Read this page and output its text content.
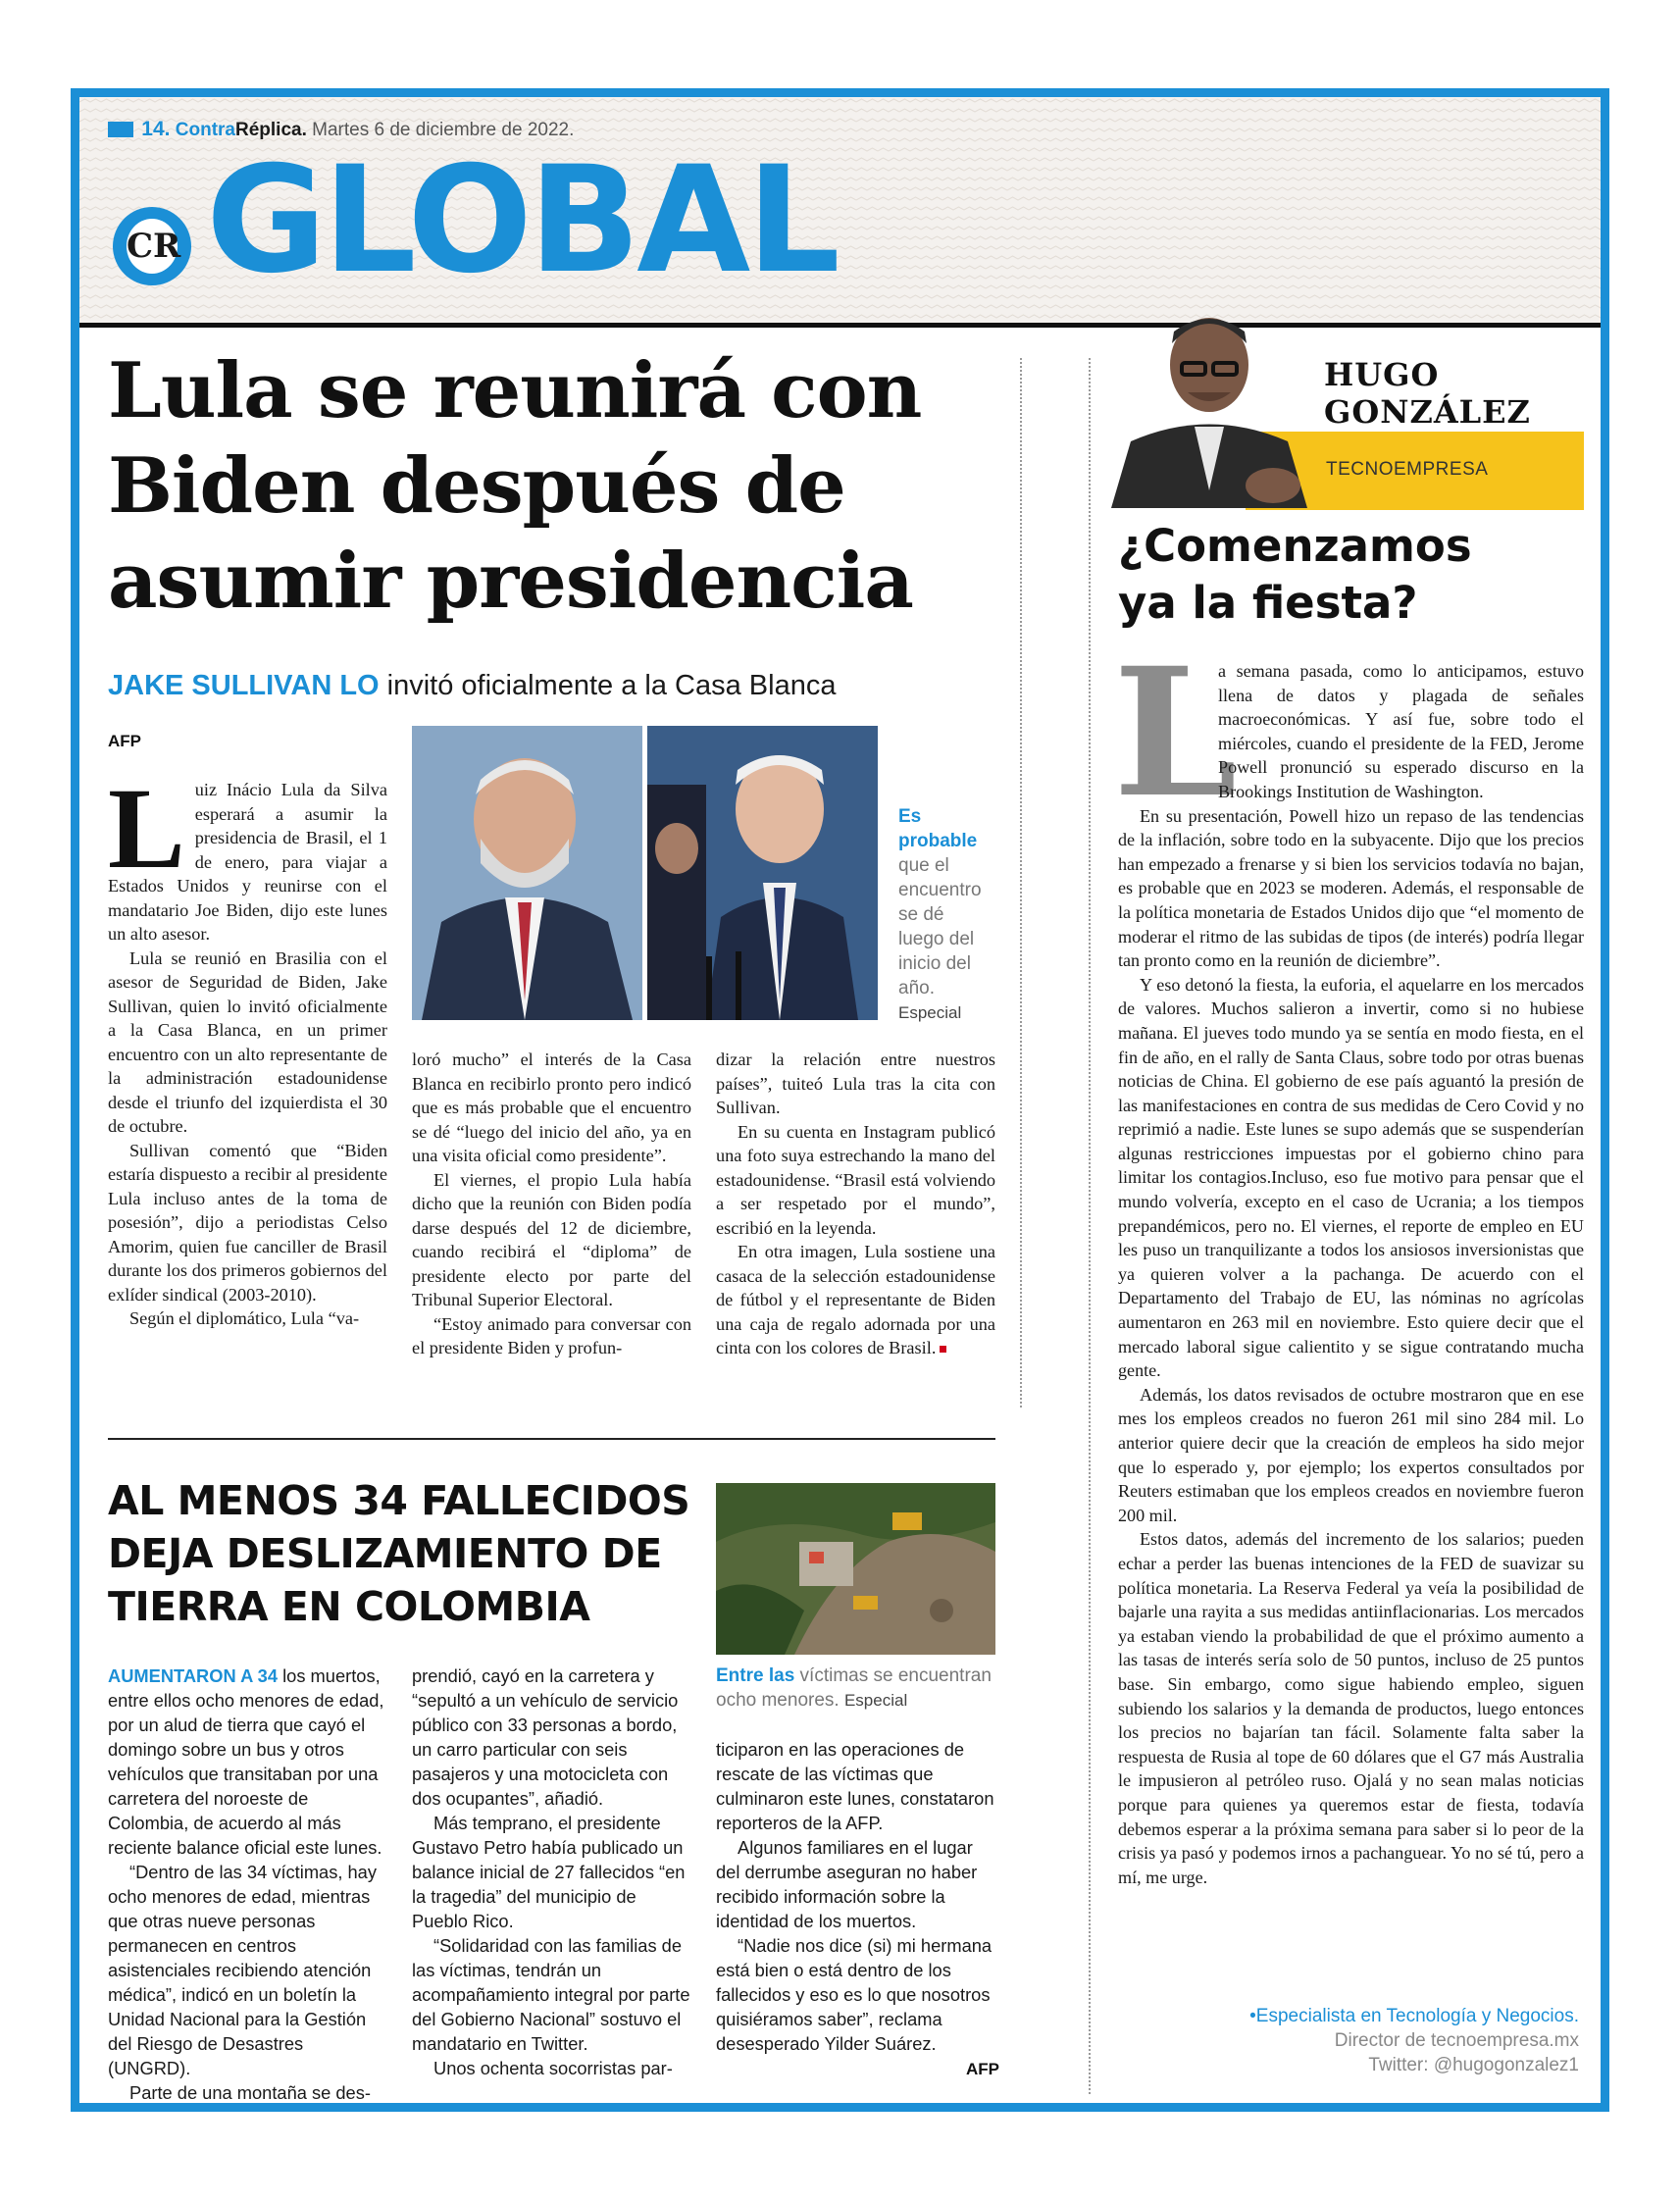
14. ContraRéplica. Martes 6 de diciembre de 2022.
CR GLOBAL
Lula se reunirá con Biden después de asumir presidencia
JAKE SULLIVAN LO invitó oficialmente a la Casa Blanca
AFP

Luiz Inácio Lula da Silva esperará a asumir la presidencia de Brasil, el 1 de enero, para viajar a Estados Unidos y reunirse con el mandatario Joe Biden, dijo este lunes un alto asesor.

Lula se reunió en Brasilia con el asesor de Seguridad de Biden, Jake Sullivan, quien lo invitó oficialmente a la Casa Blanca, en un primer encuentro con un alto representante de la administración estadounidense desde el triunfo del izquierdista el 30 de octubre.

Sullivan comentó que “Biden estaría dispuesto a recibir al presidente Lula incluso antes de la toma de posesión”, dijo a periodistas Celso Amorim, quien fue canciller de Brasil durante los dos primeros gobiernos del exlíder sindical (2003-2010).

Según el diplomático, Lula “va-

Es probable que el encuentro se dé luego del inicio del año.
Especial

loró mucho” el interés de la Casa Blanca en recibirlo pronto pero indicó que es más probable que el encuentro se dé “luego del inicio del año, ya en una visita oficial como presidente”.

El viernes, el propio Lula había dicho que la reunión con Biden podía darse después del 12 de diciembre, cuando recibirá el “diploma” de presidente electo por parte del Tribunal Superior Electoral.

“Estoy animado para conversar con el presidente Biden y profun-

dizar la relación entre nuestros países”, tuiteó Lula tras la cita con Sullivan.

En su cuenta en Instagram publicó una foto suya estrechando la mano del estadounidense. “Brasil está volviendo a ser respetado por el mundo”, escribió en la leyenda.

En otra imagen, Lula sostiene una casaca de la selección estadounidense de fútbol y el representante de Biden una caja de regalo adornada por una cinta con los colores de Brasil.

AL MENOS 34 FALLECIDOS DEJA DESLIZAMIENTO DE TIERRA EN COLOMBIA

AUMENTARON A 34 los muertos, entre ellos ocho menores de edad, por un alud de tierra que cayó el domingo sobre un bus y otros vehículos que transitaban por una carretera del noroeste de Colombia, de acuerdo al más reciente balance oficial este lunes.

“Dentro de las 34 víctimas, hay ocho menores de edad, mientras que otras nueve personas permanecen en centros asistenciales recibiendo atención médica”, indicó en un boletín la Unidad Nacional para la Gestión del Riesgo de Desastres (UNGRD).

Parte de una montaña se des-

prendió, cayó en la carretera y “sepultó a un vehículo de servicio público con 33 personas a bordo, un carro particular con seis pasajeros y una motocicleta con dos ocupantes”, añadió.

Más temprano, el presidente Gustavo Petro había publicado un balance inicial de 27 fallecidos “en la tragedia” del municipio de Pueblo Rico.

“Solidaridad con las familias de las víctimas, tendrán un acompañamiento integral por parte del Gobierno Nacional” sostuvo el mandatario en Twitter.

Unos ochenta socorristas par-

Entre las víctimas se encuentran ocho menores. Especial

ticiparon en las operaciones de rescate de las víctimas que culminaron este lunes, constataron reporteros de la AFP.

Algunos familiares en el lugar del derrumbe aseguran no haber recibido información sobre la identidad de los muertos.

“Nadie nos dice (si) mi hermana está bien o está dentro de los fallecidos y eso es lo que nosotros quisiéramos saber”, reclama desesperado Yilder Suárez.

AFP
HUGO
GONZÁLEZ
TECNOEMPRESA
¿Comenzamos ya la fiesta?
L

a semana pasada, como lo anticipamos, estuvo llena de datos y plagada de señales macroeconómicas. Y así fue, sobre todo el miércoles, cuando el presidente de la FED, Jerome Powell pronunció su esperado discurso en la Brookings Institution de Washington.

En su presentación, Powell hizo un repaso de las tendencias de la inflación, sobre todo en la subyacente. Dijo que los precios han empezado a frenarse y si bien los servicios todavía no bajan, es probable que en 2023 se moderen. Además, el responsable de la política monetaria de Estados Unidos dijo que “el momento de moderar el ritmo de las subidas de tipos (de interés) podría llegar tan pronto como en la reunión de diciembre”.

Y eso detonó la fiesta, la euforia, el aquelarre en los mercados de valores. Muchos salieron a invertir, como si no hubiese mañana. El jueves todo mundo ya se sentía en modo fiesta, en el fin de año, en el rally de Santa Claus, sobre todo por otras buenas noticias de China. El gobierno de ese país aguantó la presión de las manifestaciones en contra de sus medidas de Cero Covid y no reprimió a nadie. Este lunes se supo además que se suspenderían algunas restricciones impuestas por el gobierno chino para limitar los contagios.Incluso, eso fue motivo para pensar que el mundo volvería, excepto en el caso de Ucrania; a los tiempos prepandémicos, pero no. El viernes, el reporte de empleo en EU les puso un tranquilizante a todos los ansiosos inversionistas que ya quieren volver a la pachanga. De acuerdo con el Departamento del Trabajo de EU, las nóminas no agrícolas aumentaron en 263 mil en noviembre. Esto quiere decir que el mercado laboral sigue calientito y se sigue contratando mucha gente.

Además, los datos revisados de octubre mostraron que en ese mes los empleos creados no fueron 261 mil sino 284 mil. Lo anterior quiere decir que la creación de empleos ha sido mejor que lo esperado y, por ejemplo; los expertos consultados por Reuters estimaban que los empleos creados en noviembre fueron 200 mil.

Estos datos, además del incremento de los salarios; pueden echar a perder las buenas intenciones de la FED de suavizar su política monetaria. La Reserva Federal ya veía la posibilidad de bajarle una rayita a sus medidas antiinflacionarias. Los mercados ya estaban viendo la probabilidad de que el próximo aumento a las tasas de interés sería solo de 50 puntos, incluso de 25 puntos base. Sin embargo, como sigue habiendo empleo, siguen subiendo los salarios y la demanda de productos, luego entonces los precios no bajarían tan fácil. Solamente falta saber la respuesta de Rusia al tope de 60 dólares que el G7 más Australia le impusieron al petróleo ruso. Ojalá y no sean malas noticias porque para quienes ya queremos estar de fiesta, todavía debemos esperar a la próxima semana para saber si lo peor de la crisis ya pasó y podemos irnos a pachanguear. Yo no sé tú, pero a mí, me urge.

•Especialista en Tecnología y Negocios.
Director de tecnoempresa.mx
Twitter: @hugogonzalez1
